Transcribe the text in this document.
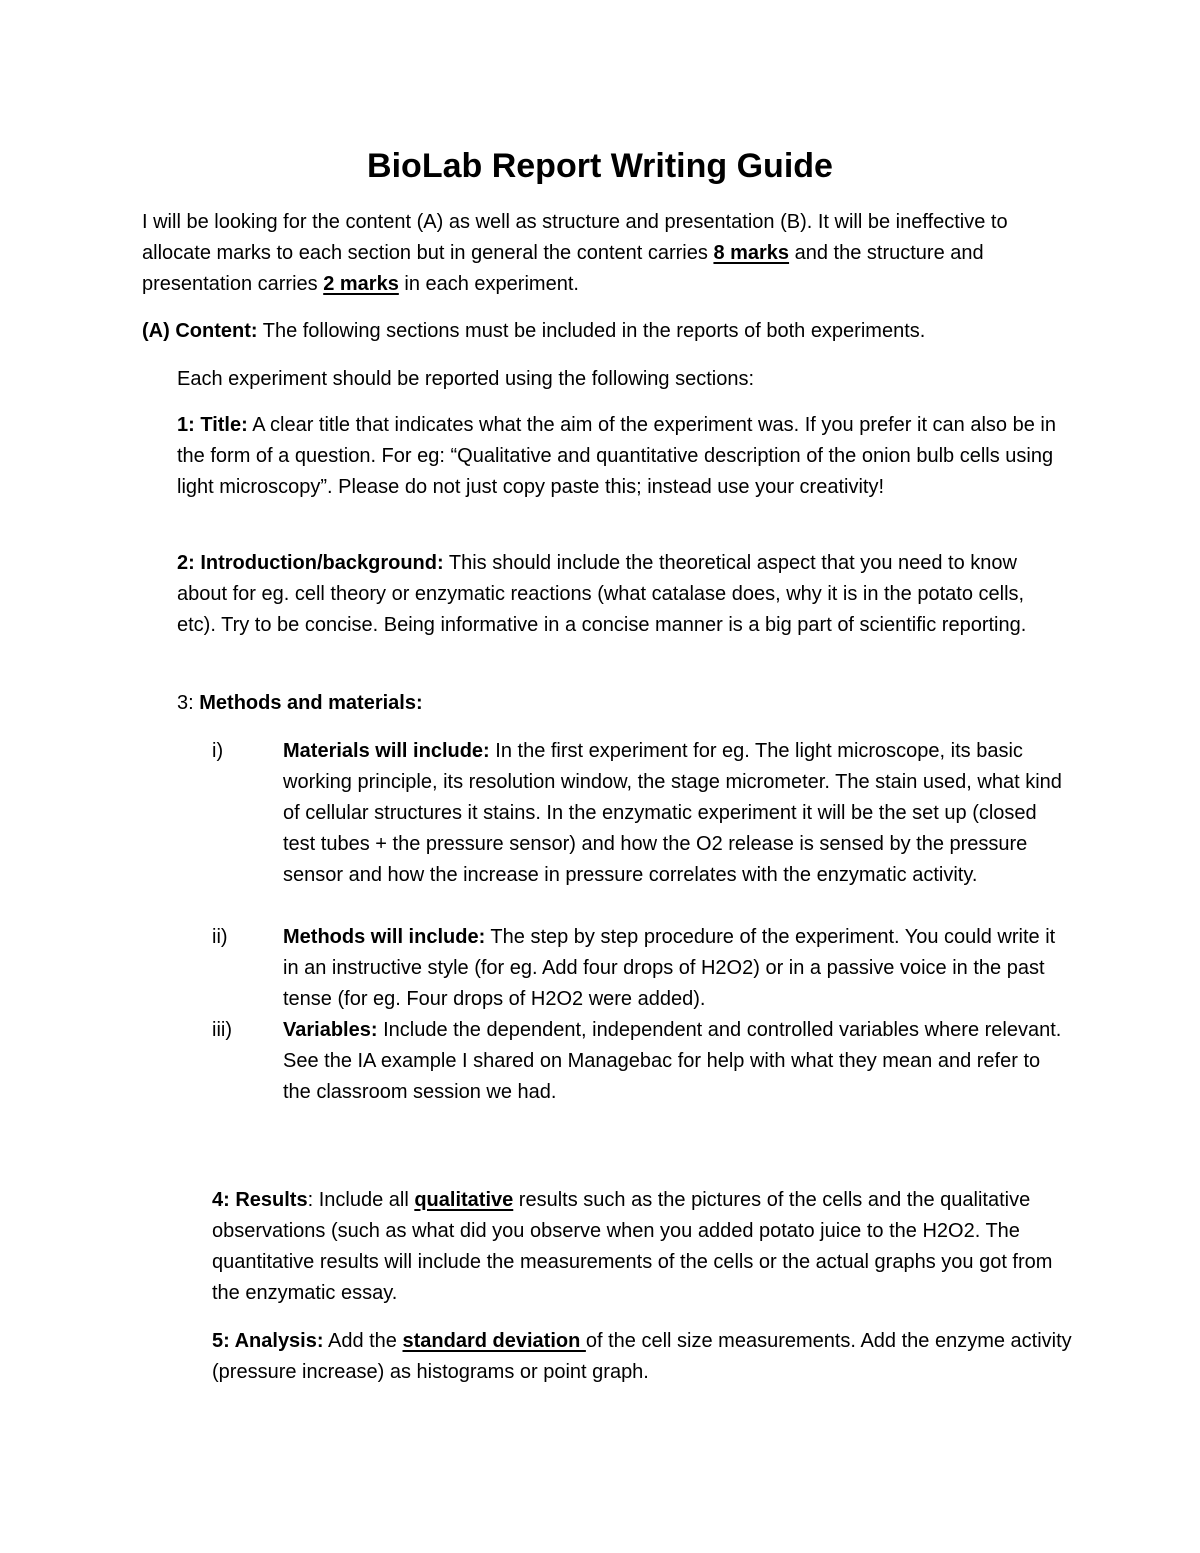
BioLab Report Writing Guide

I will be looking for the content (A) as well as structure and presentation (B). It will be ineffective to allocate marks to each section but in general the content carries 8 marks and the structure and presentation carries 2 marks in each experiment.

(A) Content: The following sections must be included in the reports of both experiments.

Each experiment should be reported using the following sections:

1: Title: A clear title that indicates what the aim of the experiment was. If you prefer it can also be in the form of a question. For eg: “Qualitative and quantitative description of the onion bulb cells using light microscopy”. Please do not just copy paste this; instead use your creativity!

2: Introduction/background: This should include the theoretical aspect that you need to know about for eg. cell theory or enzymatic reactions (what catalase does, why it is in the potato cells, etc). Try to be concise. Being informative in a concise manner is a big part of scientific reporting.

3: Methods and materials:

i)	Materials will include: In the first experiment for eg. The light microscope, its basic working principle, its resolution window, the stage micrometer. The stain used, what kind of cellular structures it stains. In the enzymatic experiment it will be the set up (closed test tubes + the pressure sensor) and how the O2 release is sensed by the pressure sensor and how the increase in pressure correlates with the enzymatic activity.
ii)	Methods will include: The step by step procedure of the experiment. You could write it in an instructive style (for eg. Add four drops of H2O2) or in a passive voice in the past tense (for eg. Four drops of H2O2 were added).
iii)	Variables: Include the dependent, independent and controlled variables where relevant. See the IA example I shared on Managebac for help with what they mean and refer to the classroom session we had.

4: Results: Include all qualitative results such as the pictures of the cells and the qualitative observations (such as what did you observe when you added potato juice to the H2O2. The quantitative results will include the measurements of the cells or the actual graphs you got from the enzymatic essay.

5: Analysis: Add the standard deviation of the cell size measurements. Add the enzyme activity (pressure increase) as histograms or point graph.
